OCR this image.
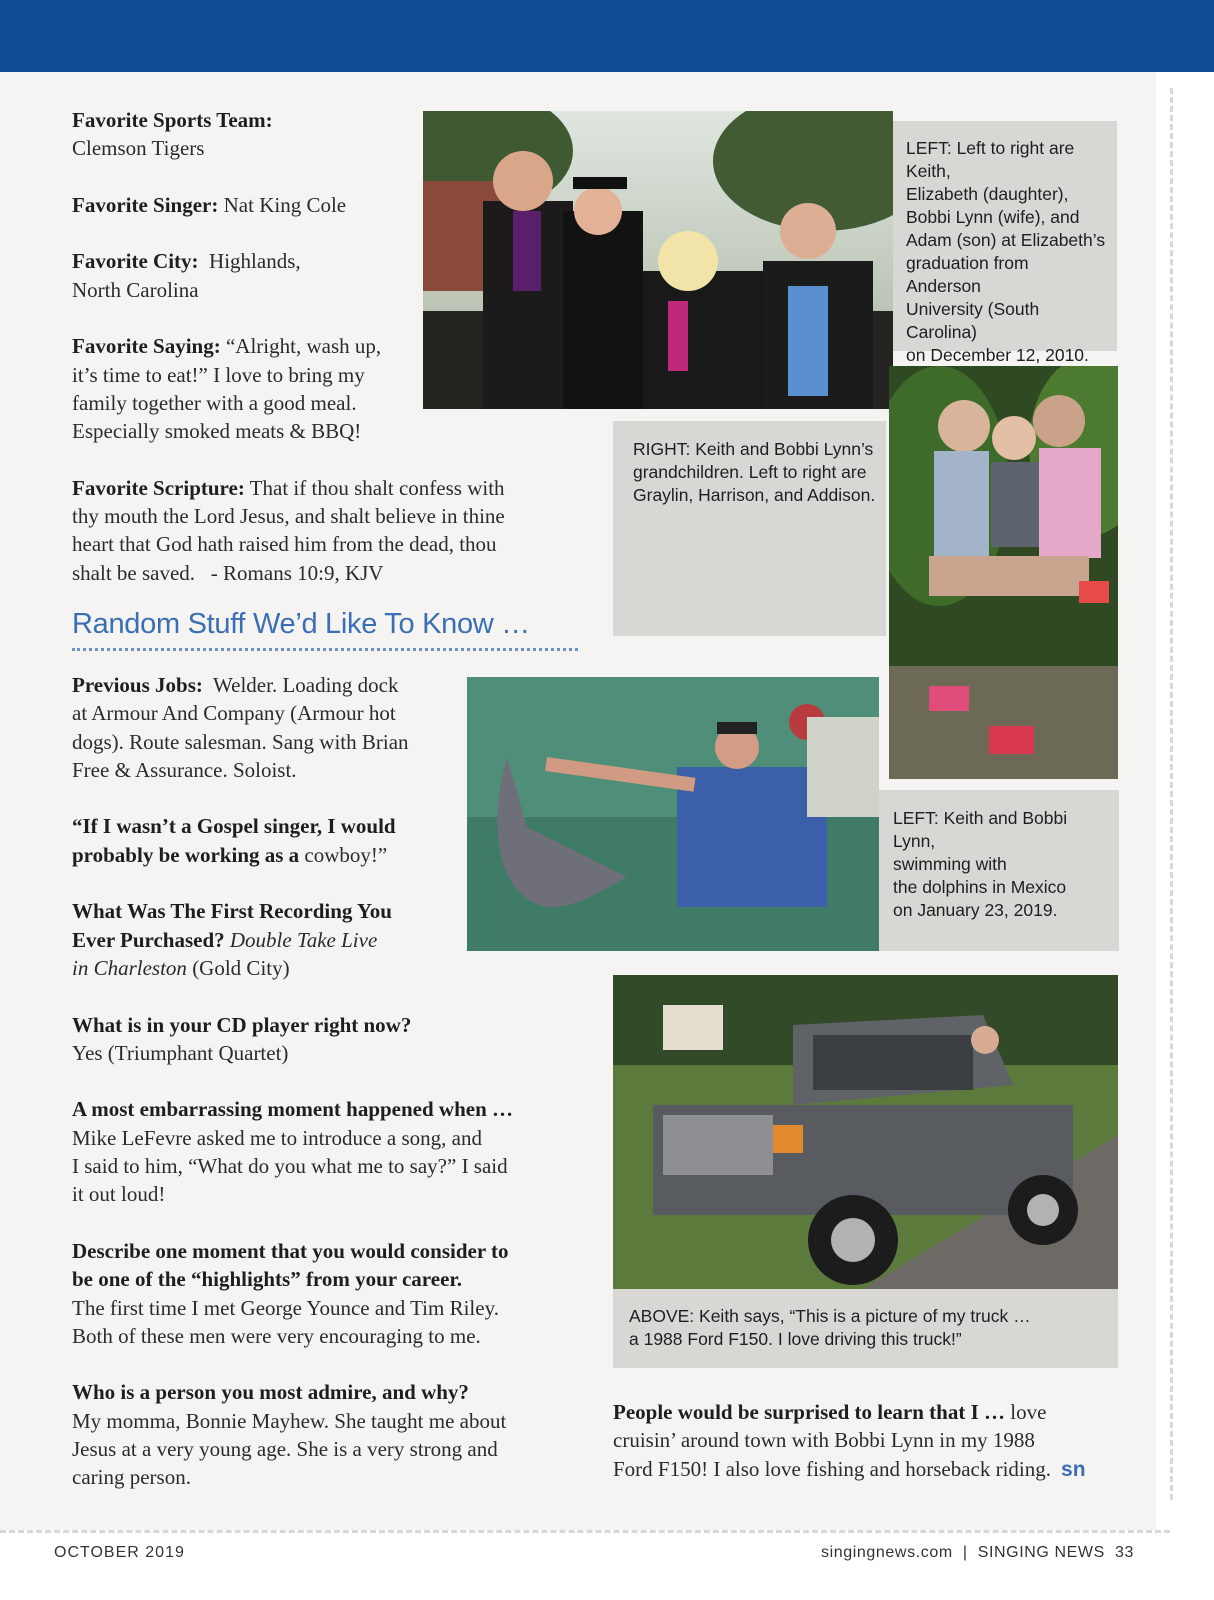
Favorite Sports Team:

Clemson Tigers

Favorite Singer: Nat King Cole

Favorite City:  Highlands,

North Carolina

Favorite Saying: “Alright, wash up,

it’s time to eat!” I love to bring my

family together with a good meal.

Especially smoked meats & BBQ!

Favorite Scripture: That if thou shalt confess with

thy mouth the Lord Jesus, and shalt believe in thine

heart that God hath raised him from the dead, thou

shalt be saved.   - Romans 10:9, KJV

Random Stuff We’d Like To Know …

Previous Jobs:  Welder. Loading dock

at Armour And Company (Armour hot

dogs). Route salesman. Sang with Brian

Free & Assurance. Soloist.

“If I wasn’t a Gospel singer, I would

probably be working as a cowboy!”

What Was The First Recording You

Ever Purchased? Double Take Live

in Charleston (Gold City)

What is in your CD player right now?

Yes (Triumphant Quartet)

A most embarrassing moment happened when …

Mike LeFevre asked me to introduce a song, and

I said to him, “What do you what me to say?” I said

it out loud!

Describe one moment that you would consider to

be one of the “highlights” from your career.

The first time I met George Younce and Tim Riley.

Both of these men were very encouraging to me.

Who is a person you most admire, and why?

My momma, Bonnie Mayhew. She taught me about

Jesus at a very young age. She is a very strong and

caring person.

People would be surprised to learn that I … love

cruisin’ around town with Bobbi Lynn in my 1988

Ford F150! I also love fishing and horseback riding. sn

LEFT: Left to right are Keith,
Elizabeth (daughter),
Bobbi Lynn (wife), and
Adam (son) at Elizabeth’s
graduation from Anderson
University (South Carolina)
on December 12, 2010.
RIGHT: Keith and Bobbi Lynn’s
grandchildren. Left to right are
Graylin, Harrison, and Addison.
LEFT: Keith and Bobbi Lynn,
swimming with
the dolphins in Mexico
on January 23, 2019.
ABOVE: Keith says, “This is a picture of my truck …
a 1988 Ford F150. I love driving this truck!”
OCTOBER 2019	singingnews.com  |  SINGING NEWS  33
